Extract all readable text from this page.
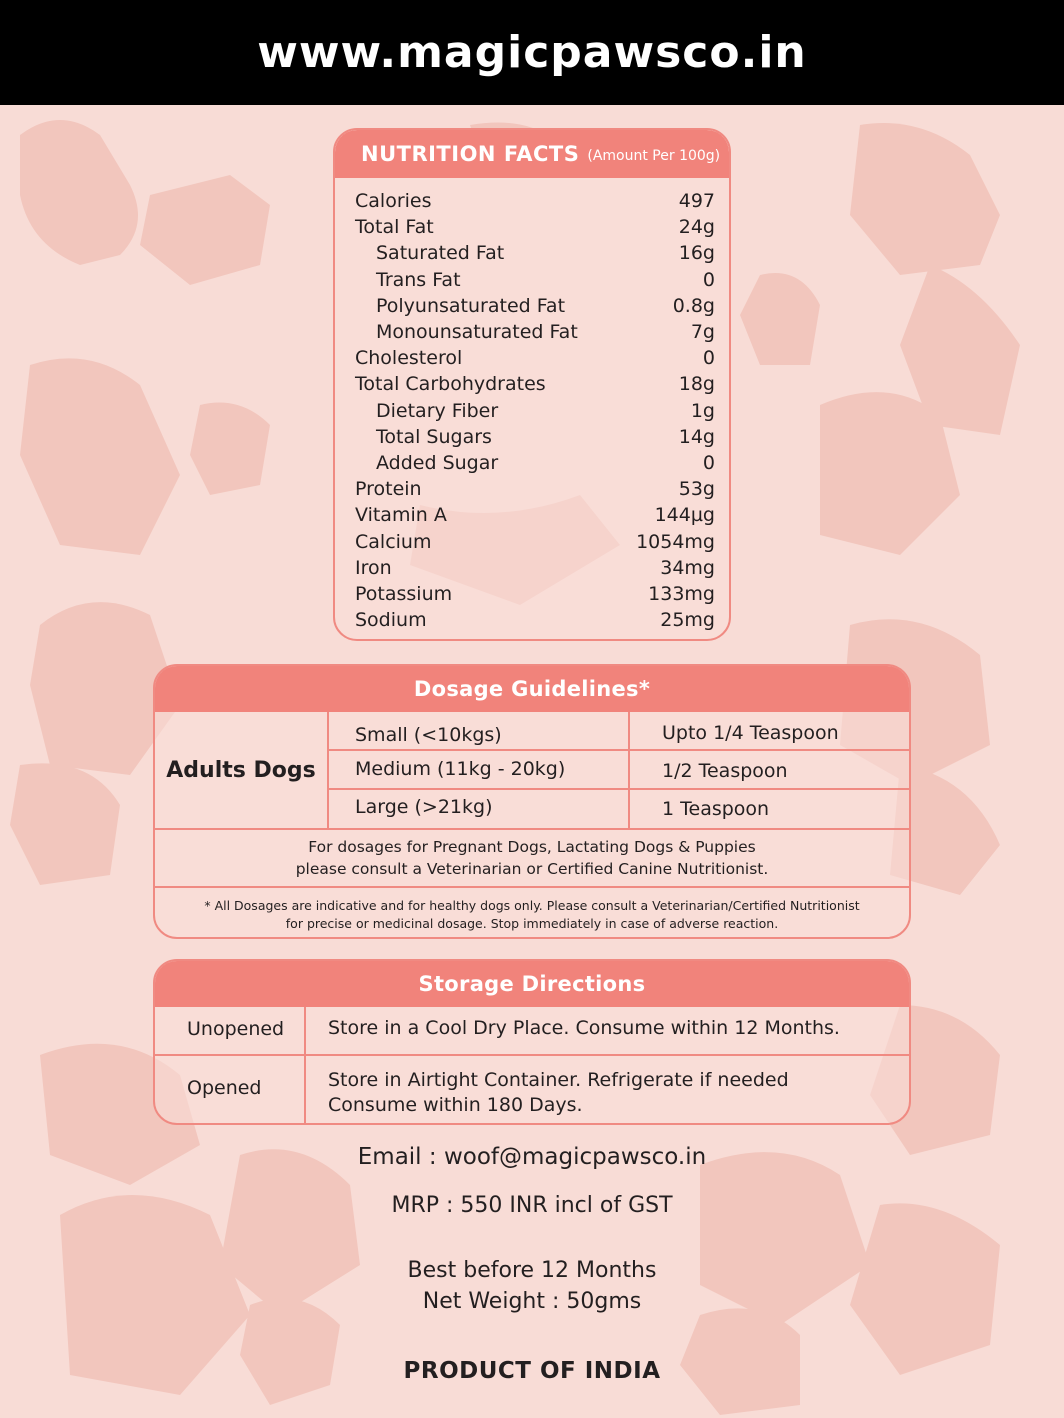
www.magicpawsco.in
NUTRITION FACTS (Amount Per 100g)
Calories	497
Total Fat	24g
Saturated Fat	16g
Trans Fat	0
Polyunsaturated Fat	0.8g
Monounsaturated Fat	7g
Cholesterol	0
Total Carbohydrates	18g
Dietary Fiber	1g
Total Sugars	14g
Added Sugar	0
Protein	53g
Vitamin A	144µg
Calcium	1054mg
Iron	34mg
Potassium	133mg
Sodium	25mg
Dosage Guidelines*
Adults Dogs
Small (<10kgs)	Upto 1/4 Teaspoon
Medium (11kg - 20kg)	1/2 Teaspoon
Large (>21kg)	1 Teaspoon
For dosages for Pregnant Dogs, Lactating Dogs & Puppies
please consult a Veterinarian or Certified Canine Nutritionist.
* All Dosages are indicative and for healthy dogs only. Please consult a Veterinarian/Certified Nutritionist
for precise or medicinal dosage. Stop immediately in case of adverse reaction.
Storage Directions
Unopened Store in a Cool Dry Place. Consume within 12 Months.
Opened	Store in Airtight Container. Refrigerate if needed
Consume within 180 Days.
Email : woof@magicpawsco.in
MRP : 550 INR incl of GST
Best before 12 Months
Net Weight : 50gms
PRODUCT OF INDIA
